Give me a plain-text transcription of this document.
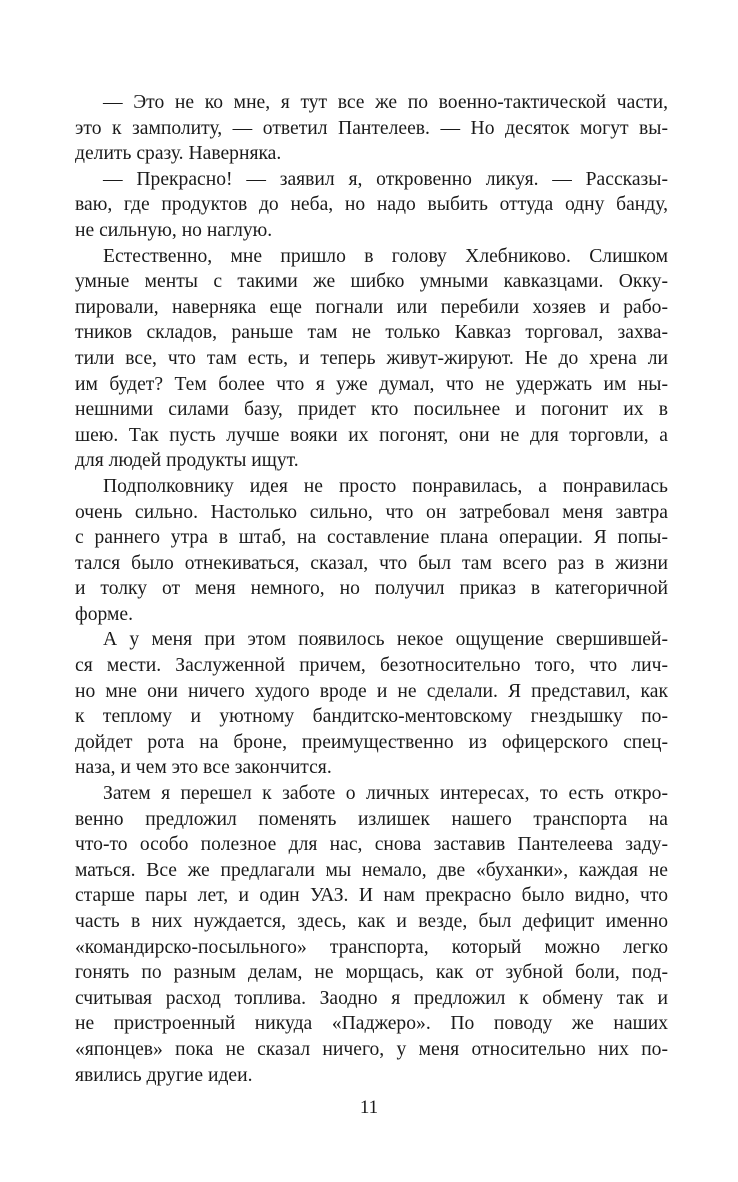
— Это не ко мне, я тут все же по военно-тактической части,
это к замполиту, — ответил Пантелеев. — Но десяток могут вы-
делить сразу. Наверняка.
— Прекрасно! — заявил я, откровенно ликуя. — Рассказы-
ваю, где продуктов до неба, но надо выбить оттуда одну банду,
не сильную, но наглую.
Естественно, мне пришло в голову Хлебниково. Слишком
умные менты с такими же шибко умными кавказцами. Окку-
пировали, наверняка еще погнали или перебили хозяев и рабо-
тников складов, раньше там не только Кавказ торговал, захва-
тили все, что там есть, и теперь живут-жируют. Не до хрена ли
им будет? Тем более что я уже думал, что не удержать им ны-
нешними силами базу, придет кто посильнее и погонит их в
шею. Так пусть лучше вояки их погонят, они не для торговли, а
для людей продукты ищут.
Подполковнику идея не просто понравилась, а понравилась
очень сильно. Настолько сильно, что он затребовал меня завтра
с раннего утра в штаб, на составление плана операции. Я попы-
тался было отнекиваться, сказал, что был там всего раз в жизни
и толку от меня немного, но получил приказ в категоричной
форме.
А у меня при этом появилось некое ощущение свершившей-
ся мести. Заслуженной причем, безотносительно того, что лич-
но мне они ничего худого вроде и не сделали. Я представил, как
к теплому и уютному бандитско-ментовскому гнездышку по-
дойдет рота на броне, преимущественно из офицерского спец-
наза, и чем это все закончится.
Затем я перешел к заботе о личных интересах, то есть откро-
венно предложил поменять излишек нашего транспорта на
что-то особо полезное для нас, снова заставив Пантелеева заду-
маться. Все же предлагали мы немало, две «буханки», каждая не
старше пары лет, и один УАЗ. И нам прекрасно было видно, что
часть в них нуждается, здесь, как и везде, был дефицит именно
«командирско-посыльного» транспорта, который можно легко
гонять по разным делам, не морщась, как от зубной боли, под-
считывая расход топлива. Заодно я предложил к обмену так и
не пристроенный никуда «Паджеро». По поводу же наших
«японцев» пока не сказал ничего, у меня относительно них по-
явились другие идеи.
11
